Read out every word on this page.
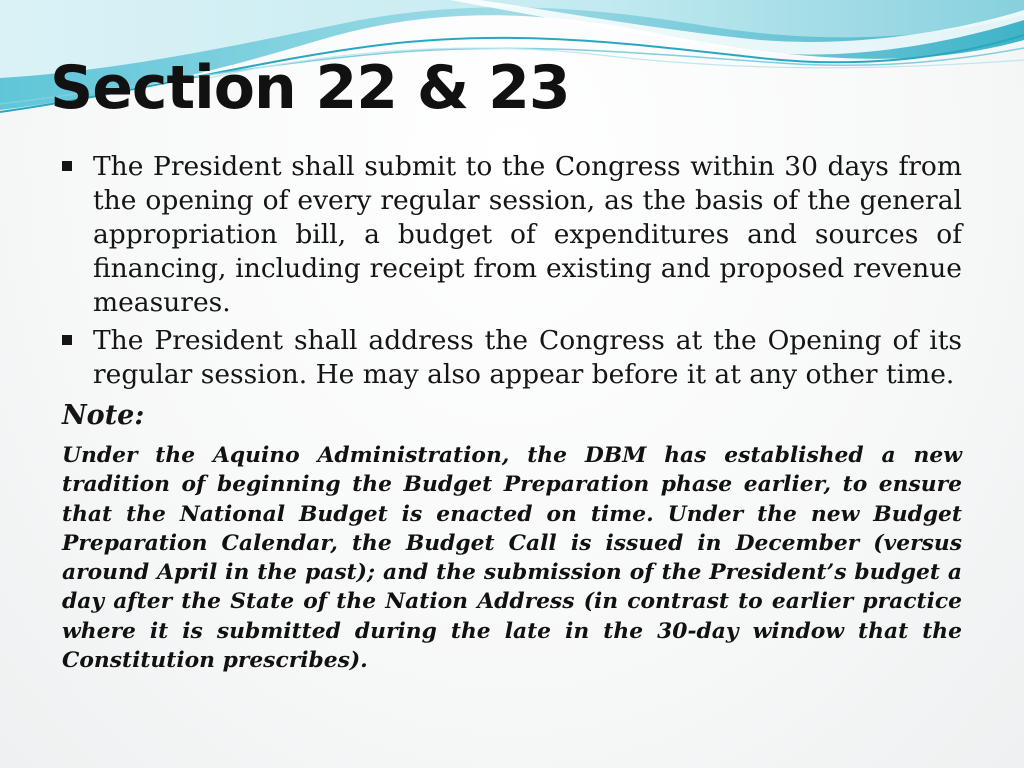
Section 22 & 23
The President shall submit to the Congress within 30 days from the opening of every regular session, as the basis of the general appropriation bill, a budget of expenditures and sources of financing, including receipt from existing and proposed revenue measures.
The President shall address the Congress at the Opening of its regular session. He may also appear before it at any other time.

Note:

Under the Aquino Administration, the DBM has established a new tradition of beginning the Budget Preparation phase earlier, to ensure that the National Budget is enacted on time. Under the new Budget Preparation Calendar, the Budget Call is issued in December (versus around April in the past); and the submission of the President’s budget a day after the State of the Nation Address (in contrast to earlier practice where it is submitted during the late in the 30-day window that the Constitution prescribes).
